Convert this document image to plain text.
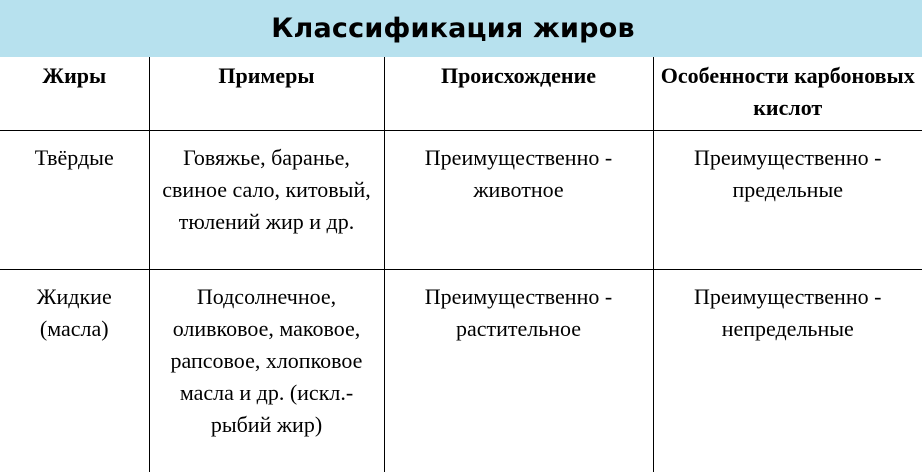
Классификация жиров
Жиры	Примеры	Происхождение	Особенности карбоновых кислот

Твёрдые	Говяжье, баранье, свиное сало, китовый, тюлений жир и др.	Преимущественно - животное	Преимущественно - предельные

Жидкие (масла)	Подсолнечное, оливковое, маковое, рапсовое, хлопковое масла и др. (искл.- рыбий жир)	Преимущественно - растительное	Преимущественно - непредельные
